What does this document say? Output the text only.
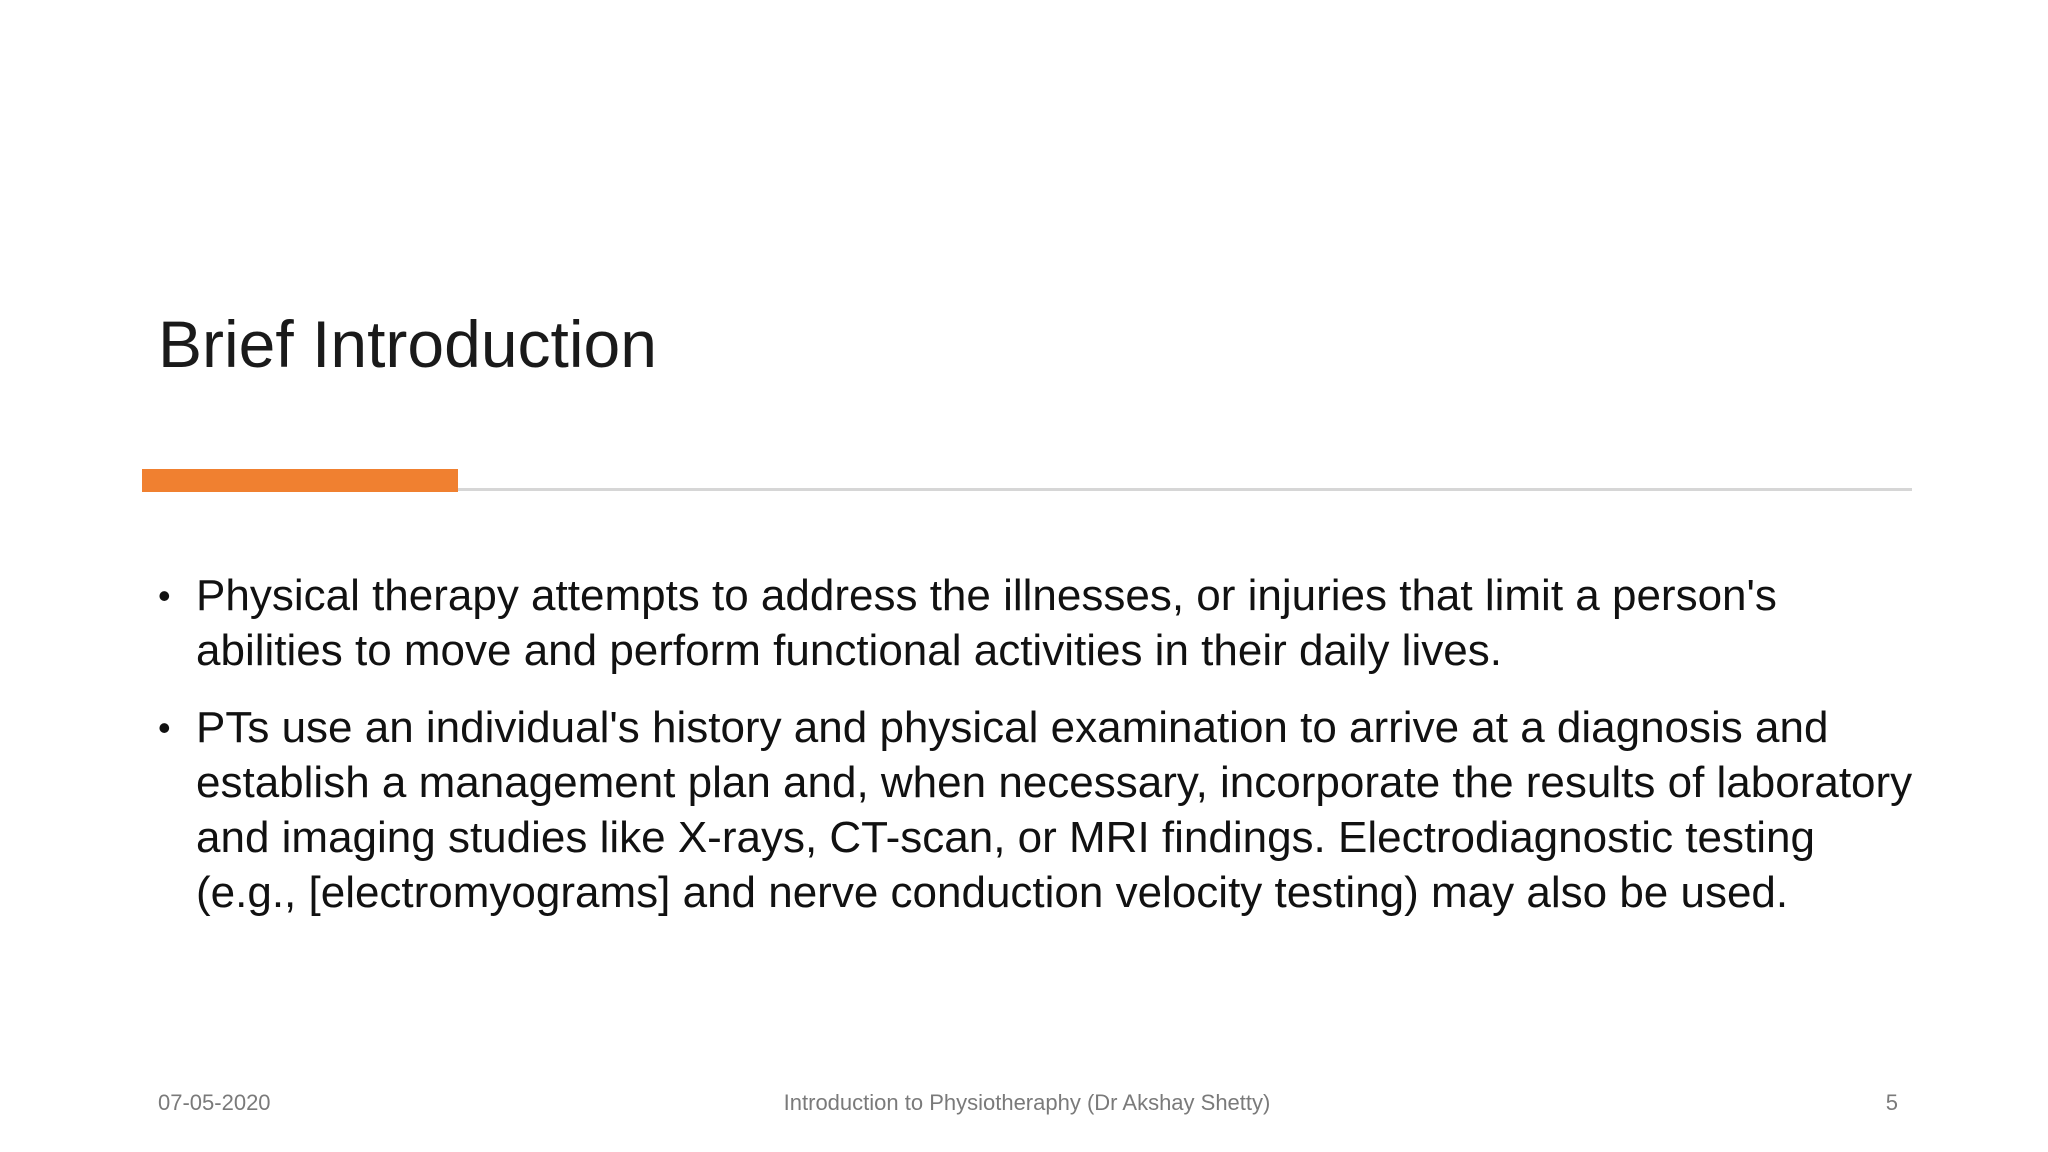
Brief Introduction
• Physical therapy attempts to address the illnesses, or injuries that limit a person's abilities to move and perform functional activities in their daily lives.
• PTs use an individual's history and physical examination to arrive at a diagnosis and establish a management plan and, when necessary, incorporate the results of laboratory and imaging studies like X-rays, CT-scan, or MRI findings. Electrodiagnostic testing (e.g., [electromyograms] and nerve conduction velocity testing) may also be used.
07-05-2020	Introduction to Physiotheraphy (Dr Akshay Shetty)	5
